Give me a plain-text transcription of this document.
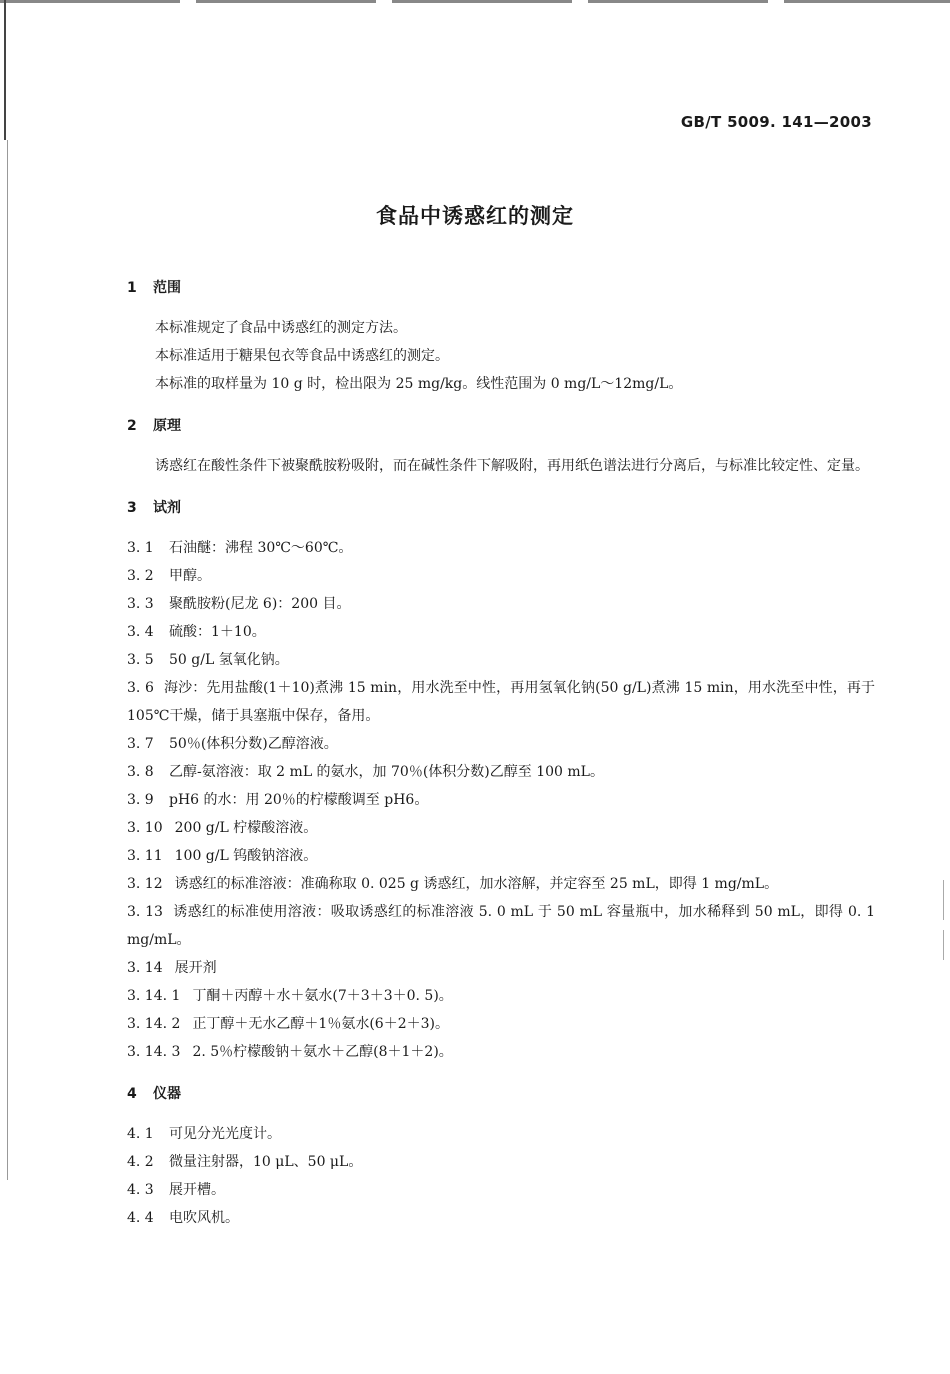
GB/T 5009. 141—2003
食品中诱惑红的测定
1 范围
本标准规定了食品中诱惑红的测定方法。
本标准适用于糖果包衣等食品中诱惑红的测定。
本标准的取样量为 10 g 时，检出限为 25 mg/kg。线性范围为 0 mg/L～12mg/L。
2 原理
诱惑红在酸性条件下被聚酰胺粉吸附，而在碱性条件下解吸附，再用纸色谱法进行分离后，与标准比较定性、定量。
3 试剂
3. 1	石油醚：沸程 30℃～60℃。
3. 2	甲醇。
3. 3	聚酰胺粉(尼龙 6)：200 目。
3. 4	硫酸：1＋10。
3. 5	50 g/L 氢氧化钠。
3. 6 海沙：先用盐酸(1＋10)煮沸 15 min，用水洗至中性，再用氢氧化钠(50 g/L)煮沸 15 min，用水洗至中性，再于 105℃干燥，储于具塞瓶中保存，备用。
3. 7	50％(体积分数)乙醇溶液。
3. 8	乙醇-氨溶液：取 2 mL 的氨水，加 70％(体积分数)乙醇至 100 mL。
3. 9	pH6 的水：用 20％的柠檬酸调至 pH6。
3. 10 200 g/L 柠檬酸溶液。
3. 11 100 g/L 钨酸钠溶液。
3. 12 诱惑红的标准溶液：准确称取 0. 025 g 诱惑红，加水溶解，并定容至 25 mL，即得 1 mg/mL。
3. 13 诱惑红的标准使用溶液：吸取诱惑红的标准溶液 5. 0 mL 于 50 mL 容量瓶中，加水稀释到 50 mL，即得 0. 1 mg/mL。
3. 14 展开剂
3. 14. 1 丁酮＋丙醇＋水＋氨水(7＋3＋3＋0. 5)。
3. 14. 2 正丁醇＋无水乙醇＋1％氨水(6＋2＋3)。
3. 14. 3 2. 5％柠檬酸钠＋氨水＋乙醇(8＋1＋2)。
4 仪器
4. 1	可见分光光度计。
4. 2	微量注射器，10 μL、50 μL。
4. 3	展开槽。
4. 4	电吹风机。
